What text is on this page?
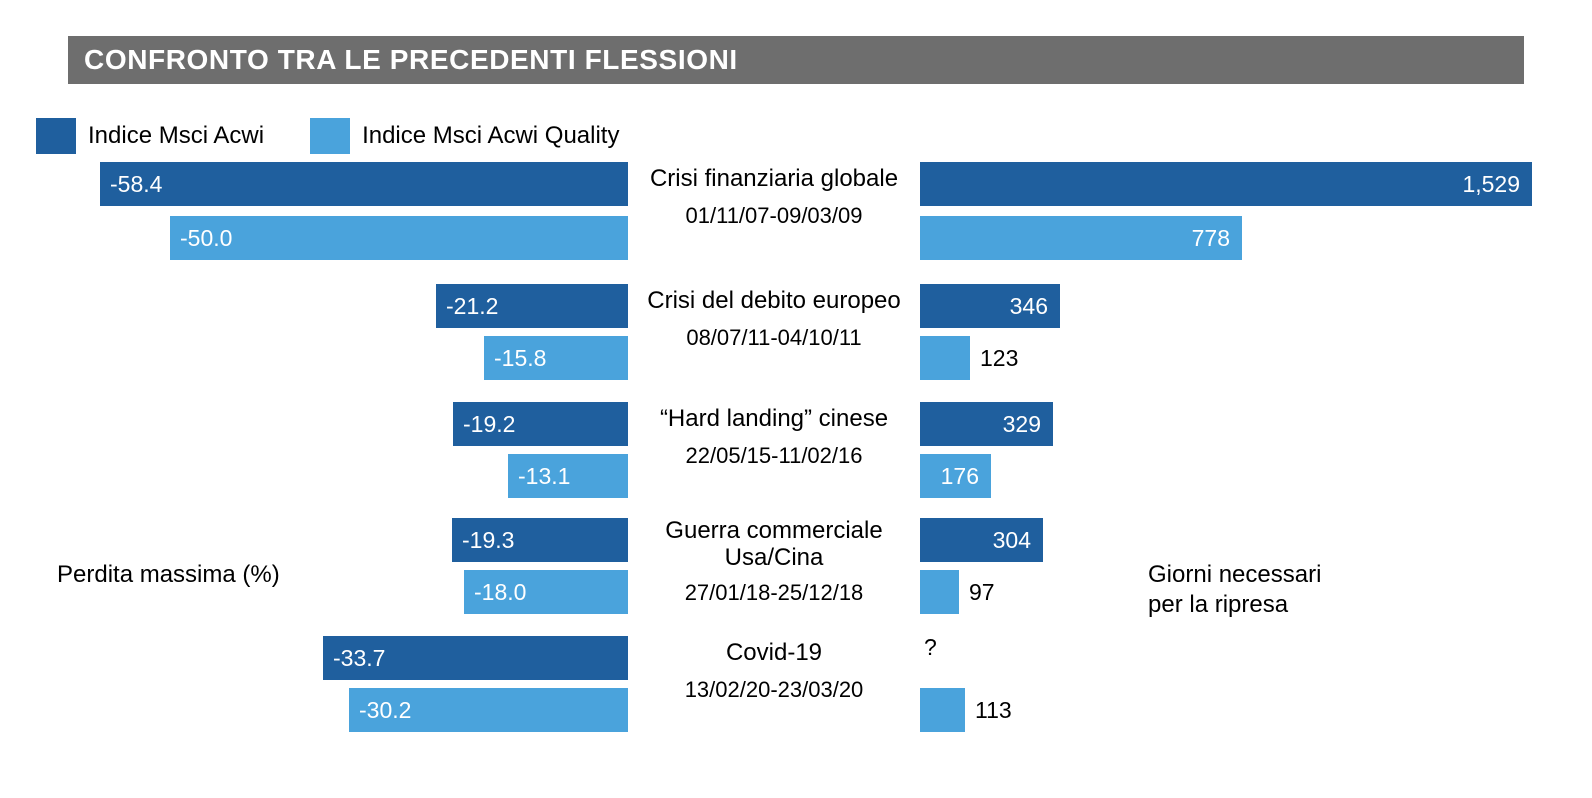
CONFRONTO TRA LE PRECEDENTI FLESSIONI
Indice Msci Acwi	Indice Msci Acwi Quality
Perdita massima (%)	Giorni necessari
per la ripresa
-58.4
-50.0
Crisi finanziaria globale
01/11/07-09/03/09
1,529
778
-21.2
-15.8
Crisi del debito europeo
08/07/11-04/10/11
346
123
-19.2
-13.1
“Hard landing” cinese
22/05/15-11/02/16
329
176
-19.3
-18.0
Guerra commerciale
Usa/Cina
27/01/18-25/12/18
304
97
-33.7
-30.2
Covid-19
13/02/20-23/03/20
?
113
